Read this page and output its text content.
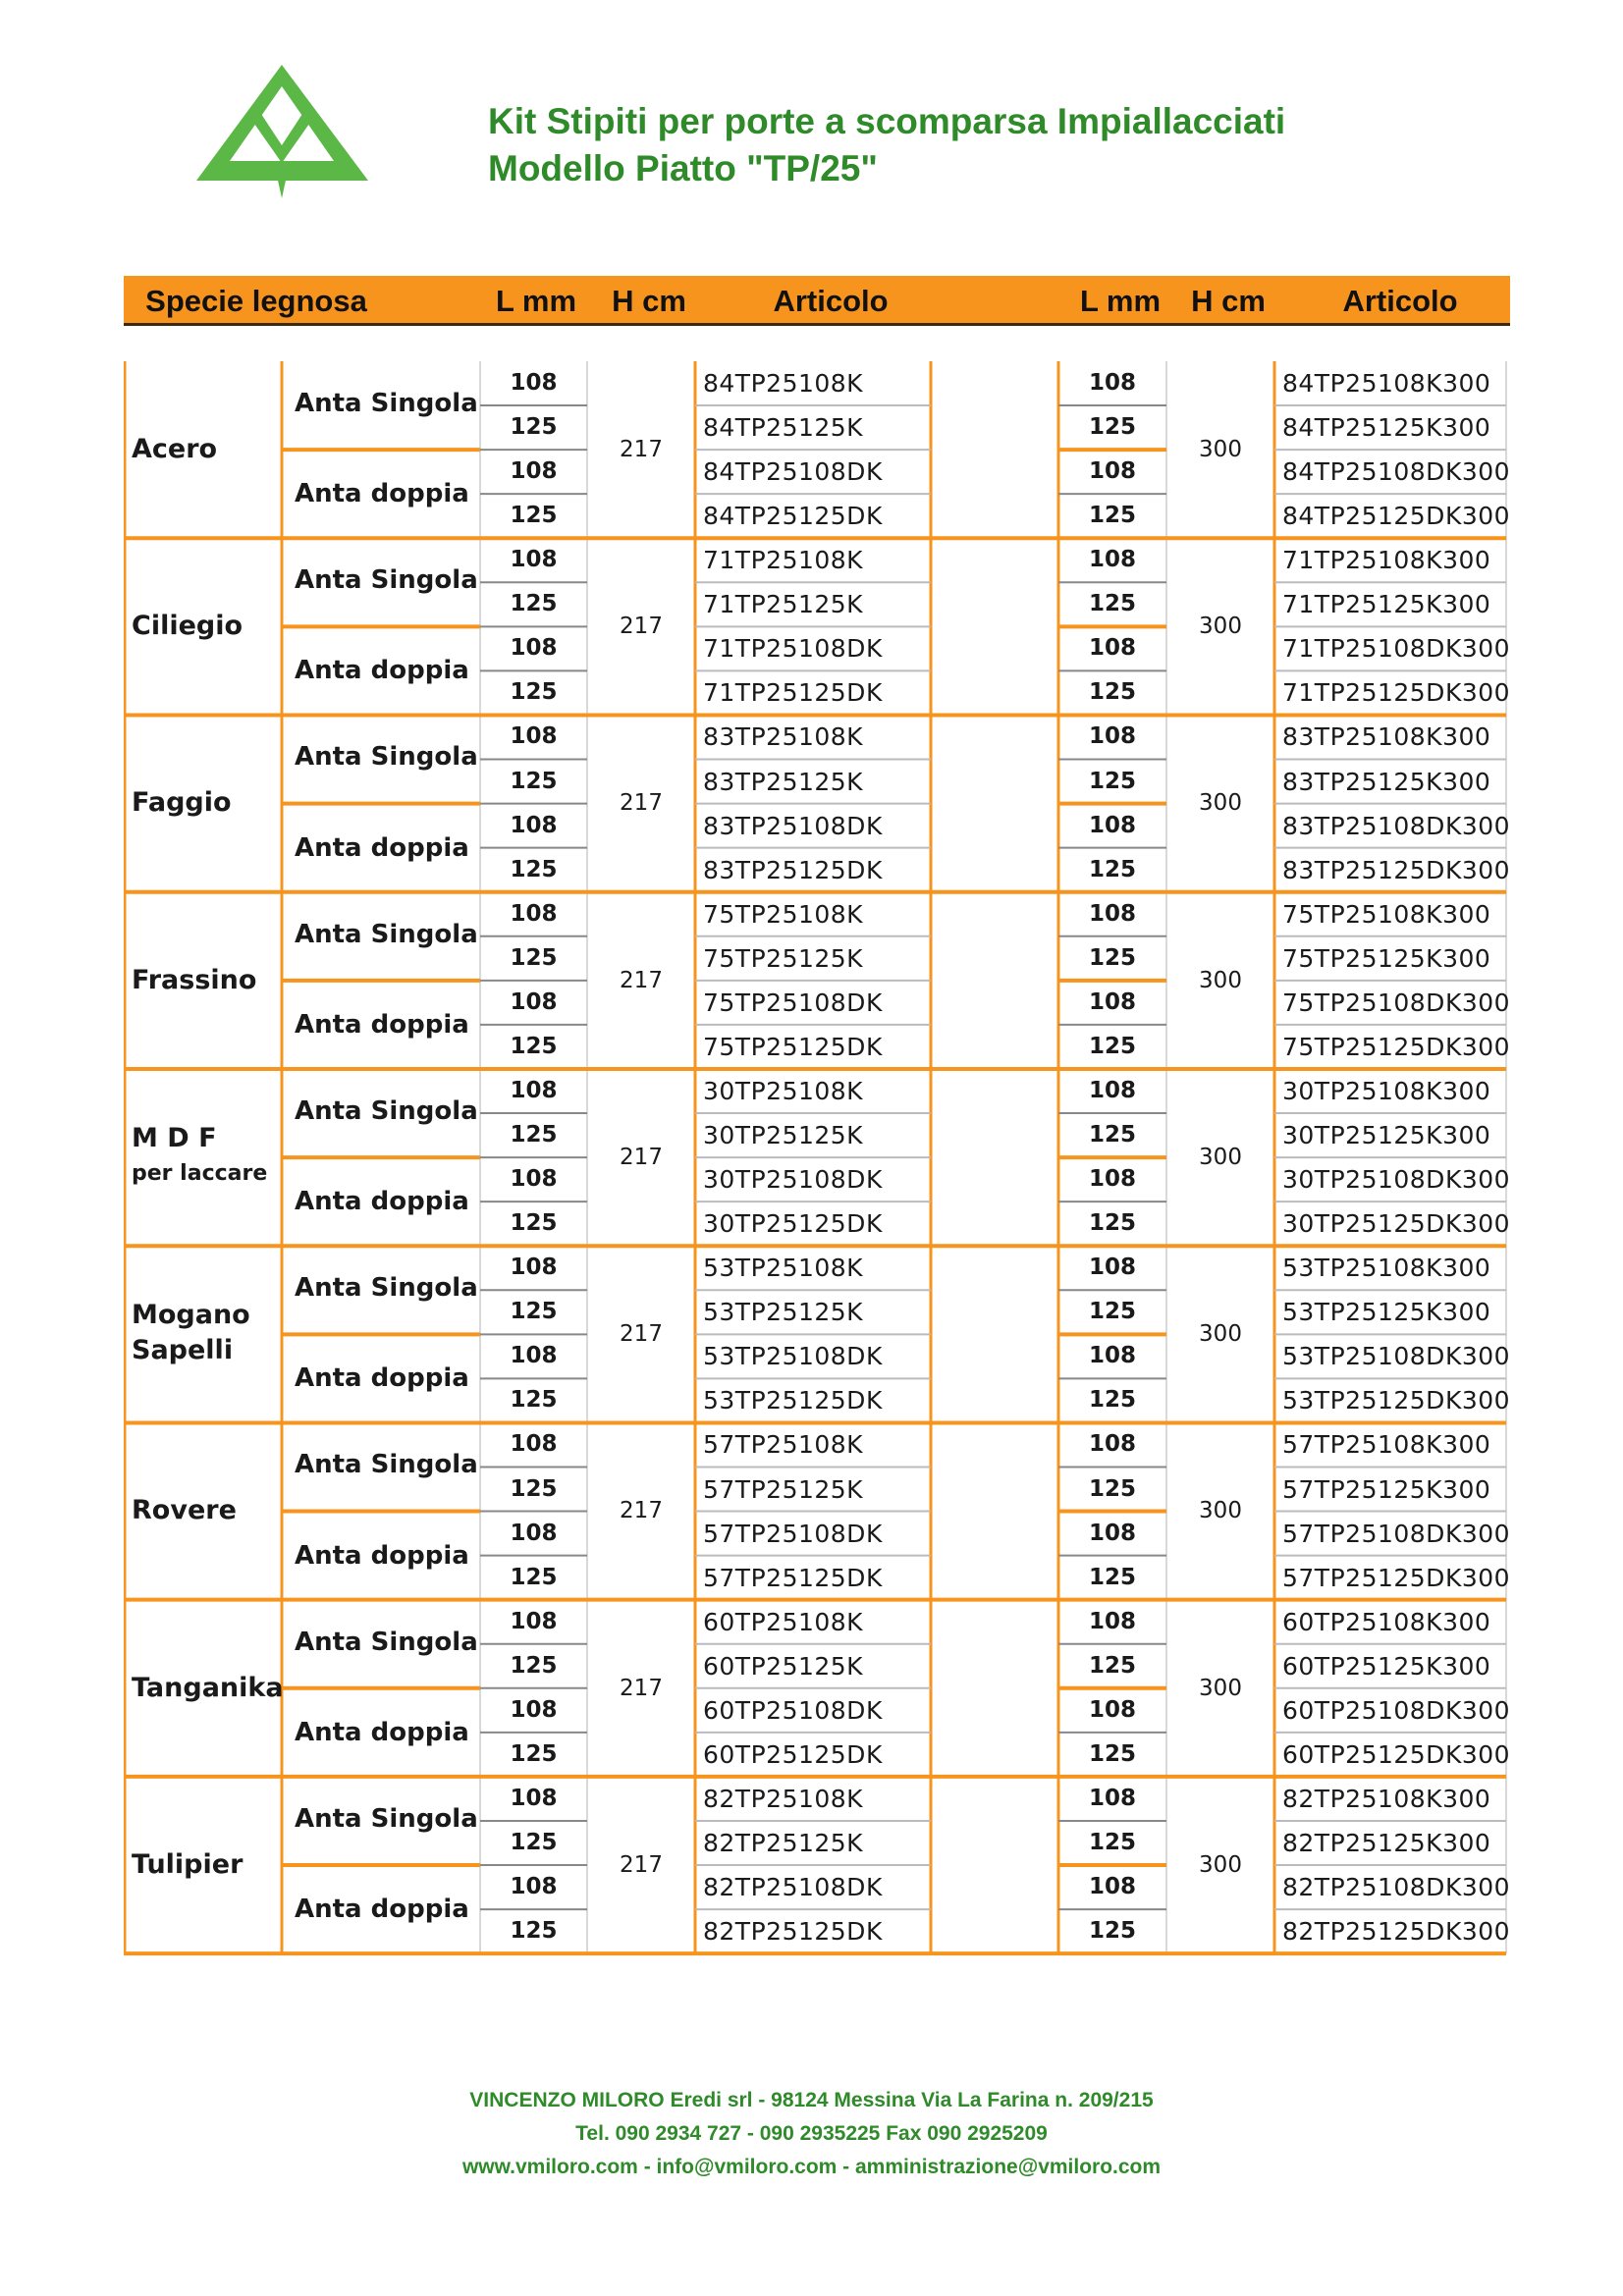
Kit Stipiti per porte a scomparsa Impiallacciati
Modello Piatto "TP/25"
Specie legnosa	L mm	H cm	Articolo	L mm	H cm	Articolo
Acero
Anta Singola
Anta doppia
217	300
108	84TP25108K	108	84TP25108K300
125	84TP25125K	125	84TP25125K300
108	84TP25108DK	108	84TP25108DK300
125	84TP25125DK	125	84TP25125DK300
Ciliegio
Anta Singola
Anta doppia
217	300
108	71TP25108K	108	71TP25108K300
125	71TP25125K	125	71TP25125K300
108	71TP25108DK	108	71TP25108DK300
125	71TP25125DK	125	71TP25125DK300
Faggio
Anta Singola
Anta doppia
217	300
108	83TP25108K	108	83TP25108K300
125	83TP25125K	125	83TP25125K300
108	83TP25108DK	108	83TP25108DK300
125	83TP25125DK	125	83TP25125DK300
Frassino
Anta Singola
Anta doppia
217	300
108	75TP25108K	108	75TP25108K300
125	75TP25125K	125	75TP25125K300
108	75TP25108DK	108	75TP25108DK300
125	75TP25125DK	125	75TP25125DK300
M D F
per laccare
Anta Singola
Anta doppia
217	300
108	30TP25108K	108	30TP25108K300
125	30TP25125K	125	30TP25125K300
108	30TP25108DK	108	30TP25108DK300
125	30TP25125DK	125	30TP25125DK300
Mogano
Sapelli
Anta Singola
Anta doppia
217	300
108	53TP25108K	108	53TP25108K300
125	53TP25125K	125	53TP25125K300
108	53TP25108DK	108	53TP25108DK300
125	53TP25125DK	125	53TP25125DK300
Rovere
Anta Singola
Anta doppia
217	300
108	57TP25108K	108	57TP25108K300
125	57TP25125K	125	57TP25125K300
108	57TP25108DK	108	57TP25108DK300
125	57TP25125DK	125	57TP25125DK300
Tanganika
Anta Singola
Anta doppia
217	300
108	60TP25108K	108	60TP25108K300
125	60TP25125K	125	60TP25125K300
108	60TP25108DK	108	60TP25108DK300
125	60TP25125DK	125	60TP25125DK300
Tulipier
Anta Singola
Anta doppia
217	300
108	82TP25108K	108	82TP25108K300
125	82TP25125K	125	82TP25125K300
108	82TP25108DK	108	82TP25108DK300
125	82TP25125DK	125	82TP25125DK300
VINCENZO MILORO Eredi srl - 98124 Messina Via La Farina n. 209/215
Tel. 090 2934 727 - 090 2935225 Fax 090 2925209
www.vmiloro.com - info@vmiloro.com - amministrazione@vmiloro.com
